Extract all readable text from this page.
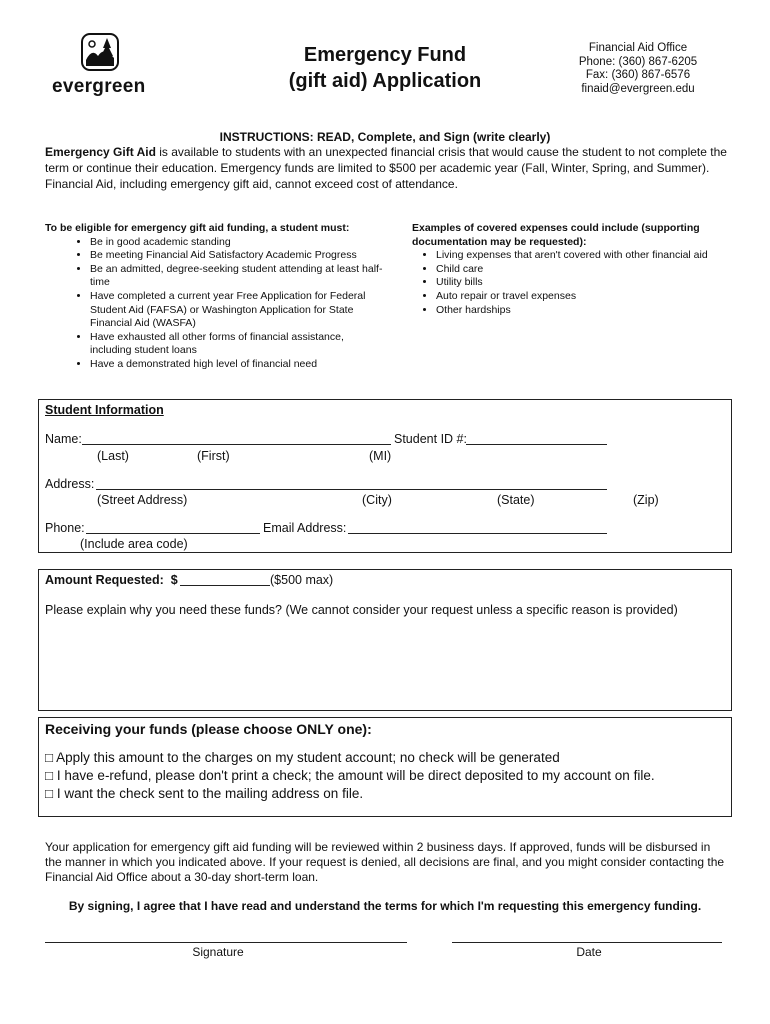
evergreen
Emergency Fund
(gift aid) Application
Financial Aid Office
Phone: (360) 867-6205
Fax: (360) 867-6576
finaid@evergreen.edu
INSTRUCTIONS: READ, Complete, and Sign (write clearly)
Emergency Gift Aid is available to students with an unexpected financial crisis that would cause the student to not complete the term or continue their education. Emergency funds are limited to $500 per academic year (Fall, Winter, Spring, and Summer). Financial Aid, including emergency gift aid, cannot exceed cost of attendance.
To be eligible for emergency gift aid funding, a student must:
• Be in good academic standing
• Be meeting Financial Aid Satisfactory Academic Progress
• Be an admitted, degree-seeking student attending at least half-time
• Have completed a current year Free Application for Federal Student Aid (FAFSA) or Washington Application for State Financial Aid (WASFA)
• Have exhausted all other forms of financial assistance, including student loans
• Have a demonstrated high level of financial need
Examples of covered expenses could include (supporting documentation may be requested):
• Living expenses that aren't covered with other financial aid
• Child care
• Utility bills
• Auto repair or travel expenses
• Other hardships
Student Information
Name:	Student ID #:
(Last)	(First)	(MI)
Address:
(Street Address)	(City)	(State)	(Zip)
Phone:	Email Address:
(Include area code)
Amount Requested:  $	($500 max)
Please explain why you need these funds? (We cannot consider your request unless a specific reason is provided)
Receiving your funds (please choose ONLY one):
□ Apply this amount to the charges on my student account; no check will be generated
□ I have e-refund, please don't print a check; the amount will be direct deposited to my account on file.
□ I want the check sent to the mailing address on file.
Your application for emergency gift aid funding will be reviewed within 2 business days. If approved, funds will be disbursed in the manner in which you indicated above. If your request is denied, all decisions are final, and you might consider contacting the Financial Aid Office about a 30-day short-term loan.
By signing, I agree that I have read and understand the terms for which I'm requesting this emergency funding.
Signature	Date
